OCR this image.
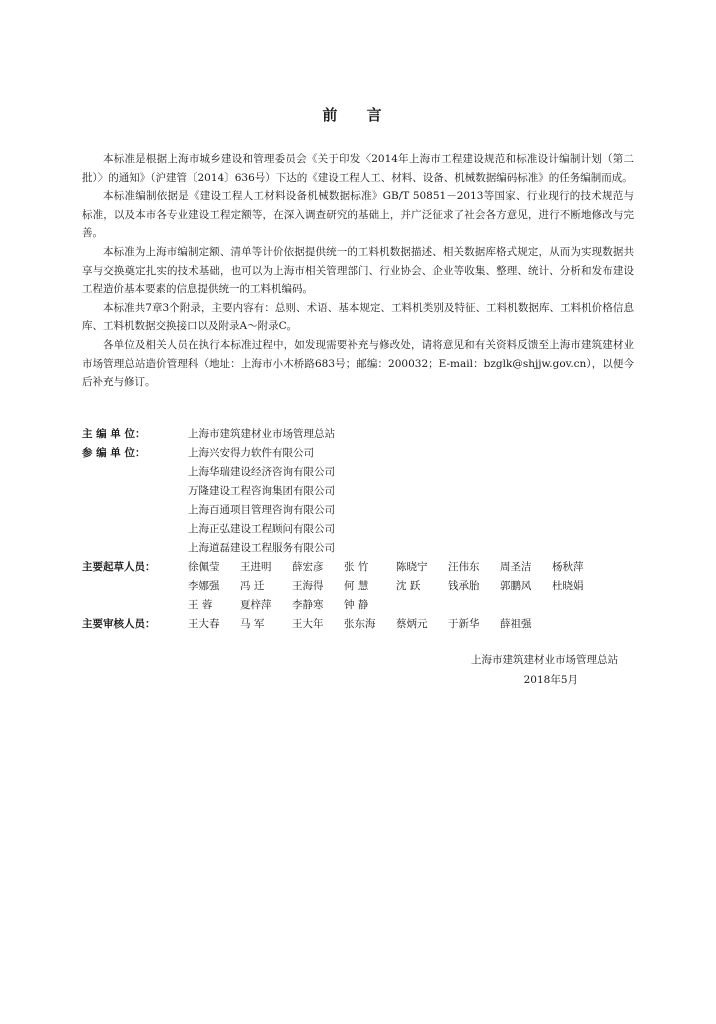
前 言

本标准是根据上海市城乡建设和管理委员会《关于印发〈2014年上海市工程建设规范和标准设计编制计划（第二批）〉的通知》（沪建管〔2014〕636号）下达的《建设工程人工、材料、设备、机械数据编码标准》的任务编制而成。

本标准编制依据是《建设工程人工材料设备机械数据标准》GB/T 50851－2013等国家、行业现行的技术规范与标准，以及本市各专业建设工程定额等，在深入调查研究的基础上，并广泛征求了社会各方意见，进行不断地修改与完善。

本标准为上海市编制定额、清单等计价依据提供统一的工料机数据描述、相关数据库格式规定，从而为实现数据共享与交换奠定扎实的技术基础，也可以为上海市相关管理部门、行业协会、企业等收集、整理、统计、分析和发布建设工程造价基本要素的信息提供统一的工料机编码。

本标准共7章3个附录，主要内容有：总则、术语、基本规定、工料机类别及特征、工料机数据库、工料机价格信息库、工料机数据交换接口以及附录A～附录C。

各单位及相关人员在执行本标准过程中，如发现需要补充与修改处，请将意见和有关资料反馈至上海市建筑建材业市场管理总站造价管理科（地址：上海市小木桥路683号；邮编：200032；E-mail：bzglk@shjjw.gov.cn），以便今后补充与修订。

主 编 单 位：	上海市建筑建材业市场管理总站
参 编 单 位：	上海兴安得力软件有限公司
上海华瑞建设经济咨询有限公司
万隆建设工程咨询集团有限公司
上海百通项目管理咨询有限公司
上海正弘建设工程顾问有限公司
上海道磊建设工程服务有限公司
主要起草人员：	徐佩莹	王进明	薛宏彦	张 竹	陈晓宁	汪伟东	周圣洁	杨秋萍
李娜强	冯 迁	王海得	何 慧	沈 跃	钱承胎	郭鹏风	杜晓娟
王 蓉	夏梓萍	李静寒	钟 静
主要审核人员：	王大春	马 军	王大年	张东海	蔡炳元	于新华	薛祖强
上海市建筑建材业市场管理总站
2018年5月
